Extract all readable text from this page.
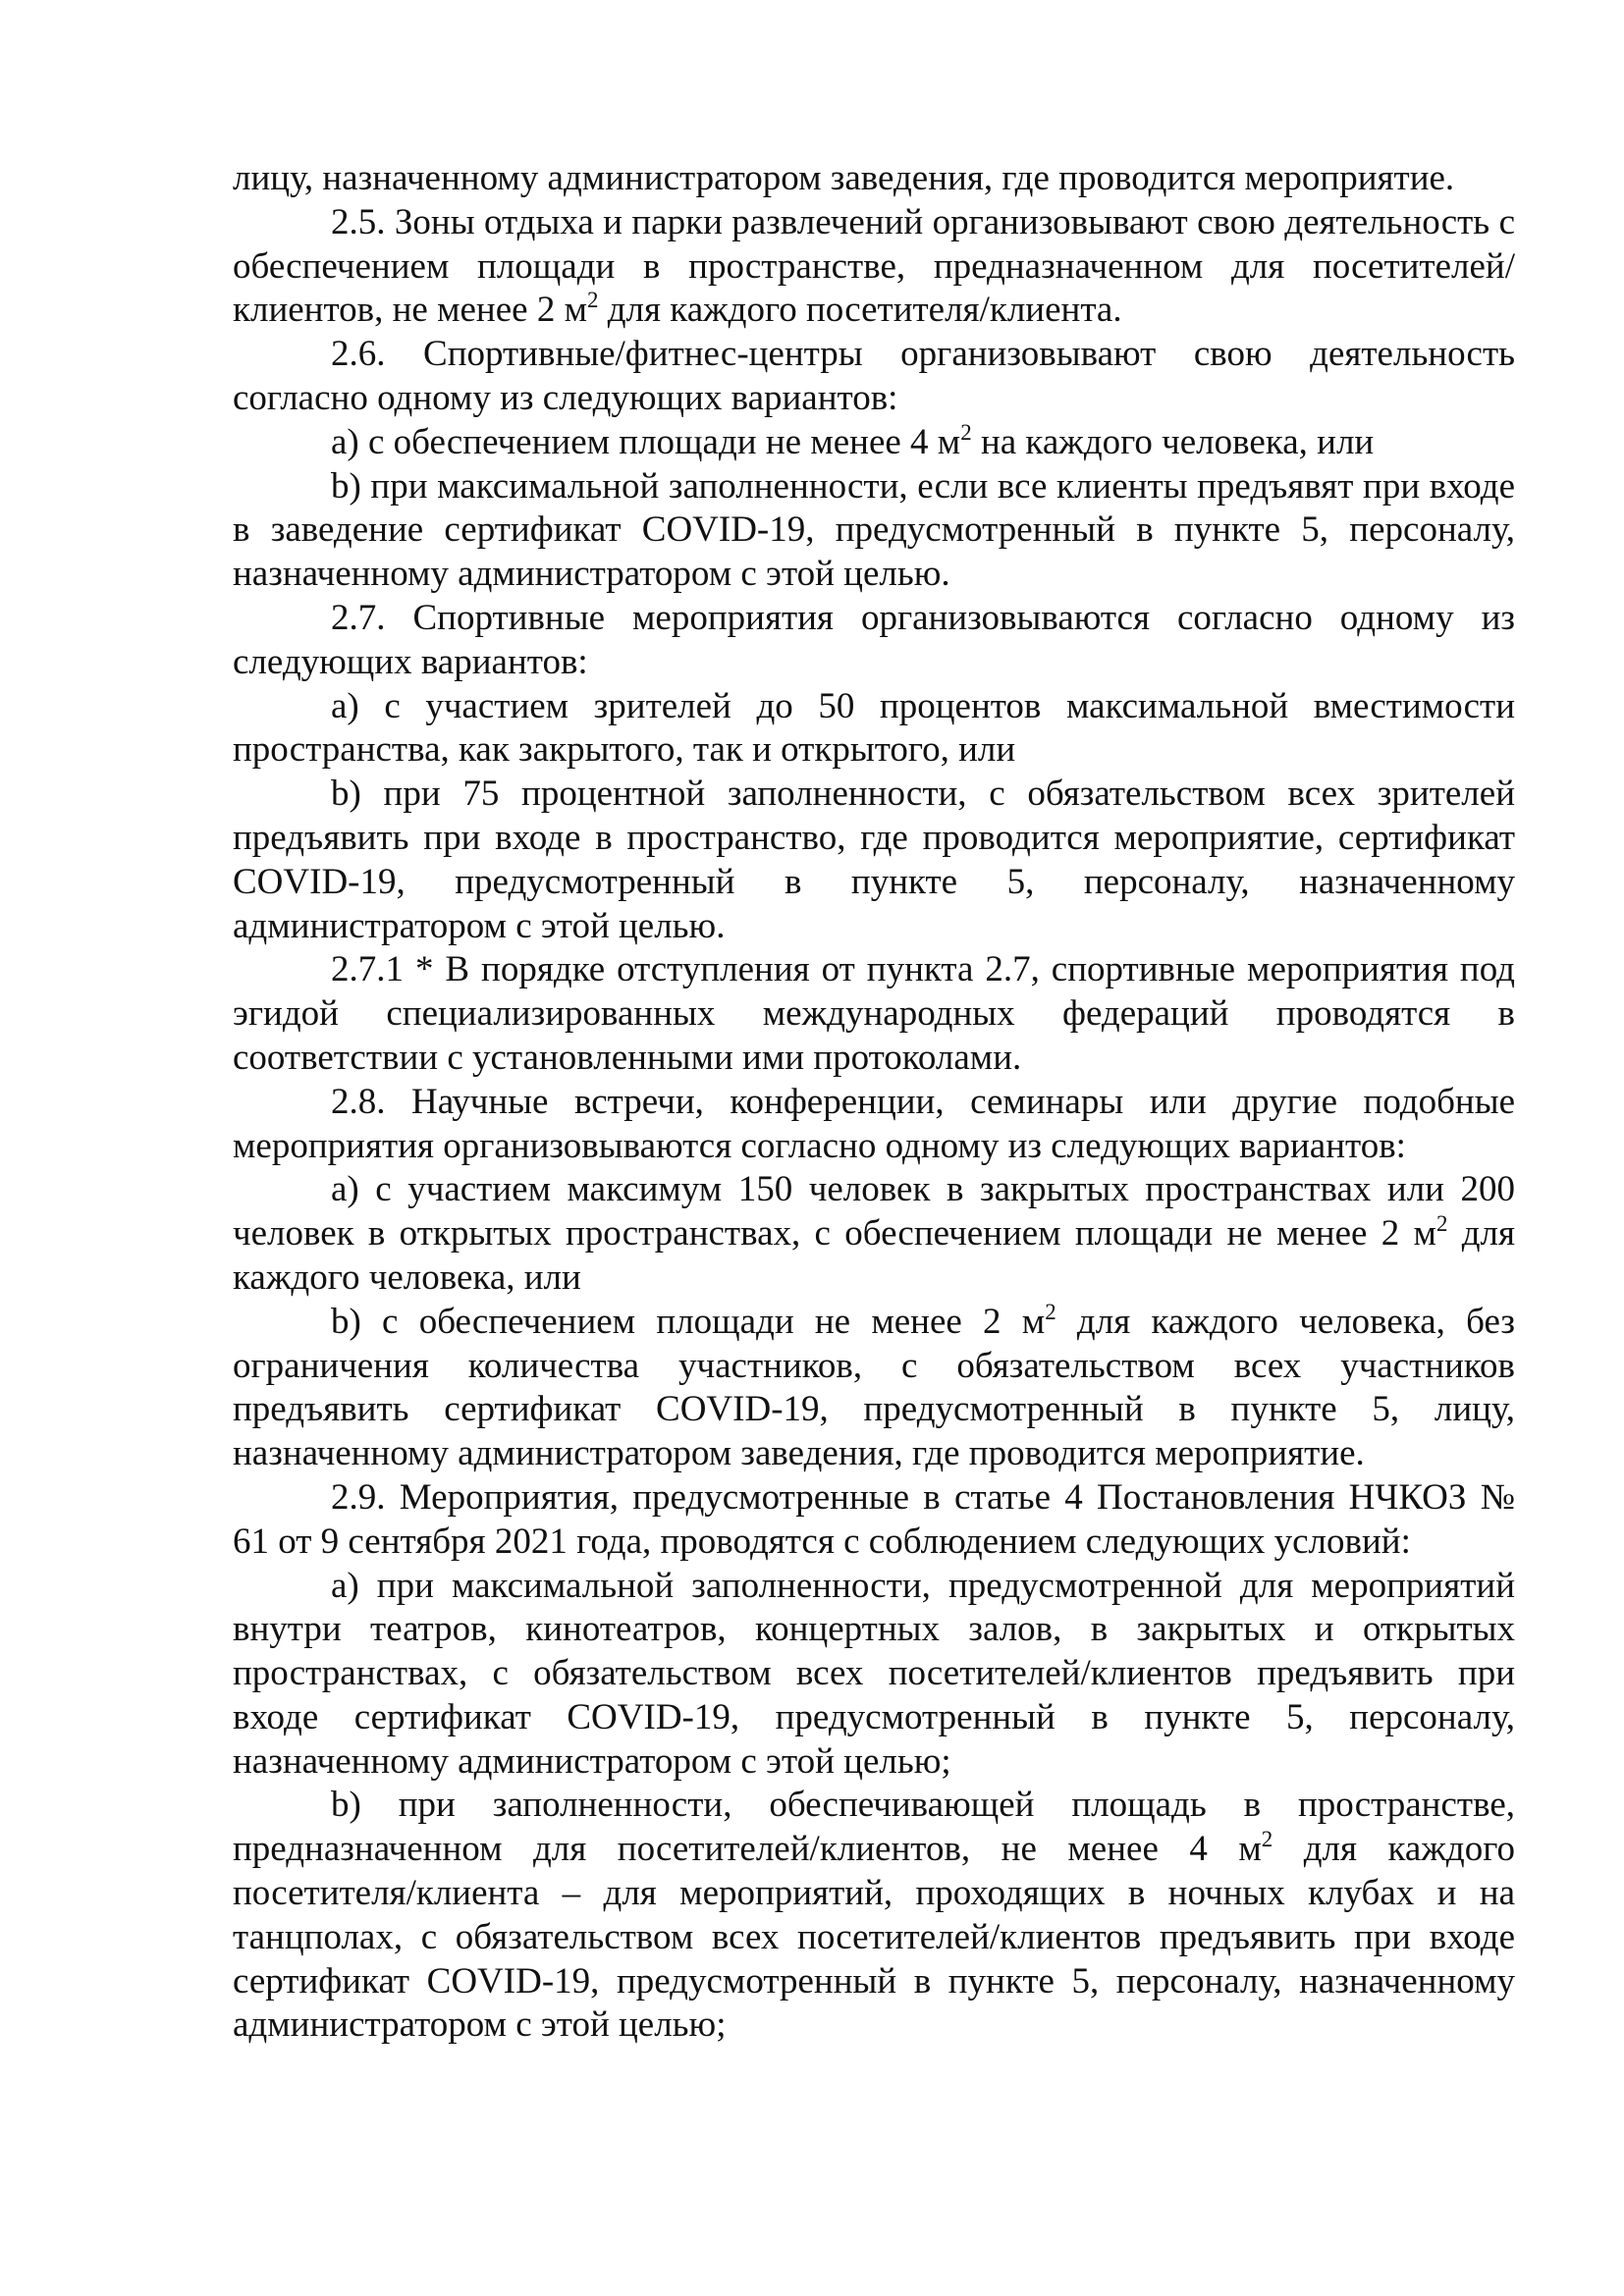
лицу, назначенному администратором заведения, где проводится мероприятие.

2.5. Зоны отдыха и парки развлечений организовывают свою деятельность с обеспечением площади в пространстве, предназначенном для посетителей/клиентов, не менее 2 $м^2$ для каждого посетителя/клиента.

2.6. Спортивные/фитнес-центры организовывают свою деятельность согласно одному из следующих вариантов:

a) с обеспечением площади не менее 4 $м^2$ на каждого человека, или

b) при максимальной заполненности, если все клиенты предъявят при входе в заведение сертификат COVID-19, предусмотренный в пункте 5, персоналу, назначенному администратором с этой целью.

2.7. Спортивные мероприятия организовываются согласно одному из следующих вариантов:

a) с участием зрителей до 50 процентов максимальной вместимости пространства, как закрытого, так и открытого, или

b) при 75 процентной заполненности, с обязательством всех зрителей предъявить при входе в пространство, где проводится мероприятие, сертификат COVID-19, предусмотренный в пункте 5, персоналу, назначенному администратором с этой целью.

2.7.1 * В порядке отступления от пункта 2.7, спортивные мероприятия под эгидой специализированных международных федераций проводятся в соответствии с установленными ими протоколами.

2.8. Научные встречи, конференции, семинары или другие подобные мероприятия организовываются согласно одному из следующих вариантов:

a) с участием максимум 150 человек в закрытых пространствах или 200 человек в открытых пространствах, с обеспечением площади не менее 2 $м^2$ для каждого человека, или

b) с обеспечением площади не менее 2 $м^2$ для каждого человека, без ограничения количества участников, с обязательством всех участников предъявить сертификат COVID-19, предусмотренный в пункте 5, лицу, назначенному администратором заведения, где проводится мероприятие.

2.9. Мероприятия, предусмотренные в статье 4 Постановления НЧКОЗ № 61 от 9 сентября 2021 года, проводятся с соблюдением следующих условий:

a) при максимальной заполненности, предусмотренной для мероприятий внутри театров, кинотеатров, концертных залов, в закрытых и открытых пространствах, с обязательством всех посетителей/клиентов предъявить при входе сертификат COVID-19, предусмотренный в пункте 5, персоналу, назначенному администратором с этой целью;

b) при заполненности, обеспечивающей площадь в пространстве, предназначенном для посетителей/клиентов, не менее 4 $м^2$ для каждого посетителя/клиента – для мероприятий, проходящих в ночных клубах и на танцполах, с обязательством всех посетителей/клиентов предъявить при входе сертификат COVID-19, предусмотренный в пункте 5, персоналу, назначенному администратором с этой целью;
